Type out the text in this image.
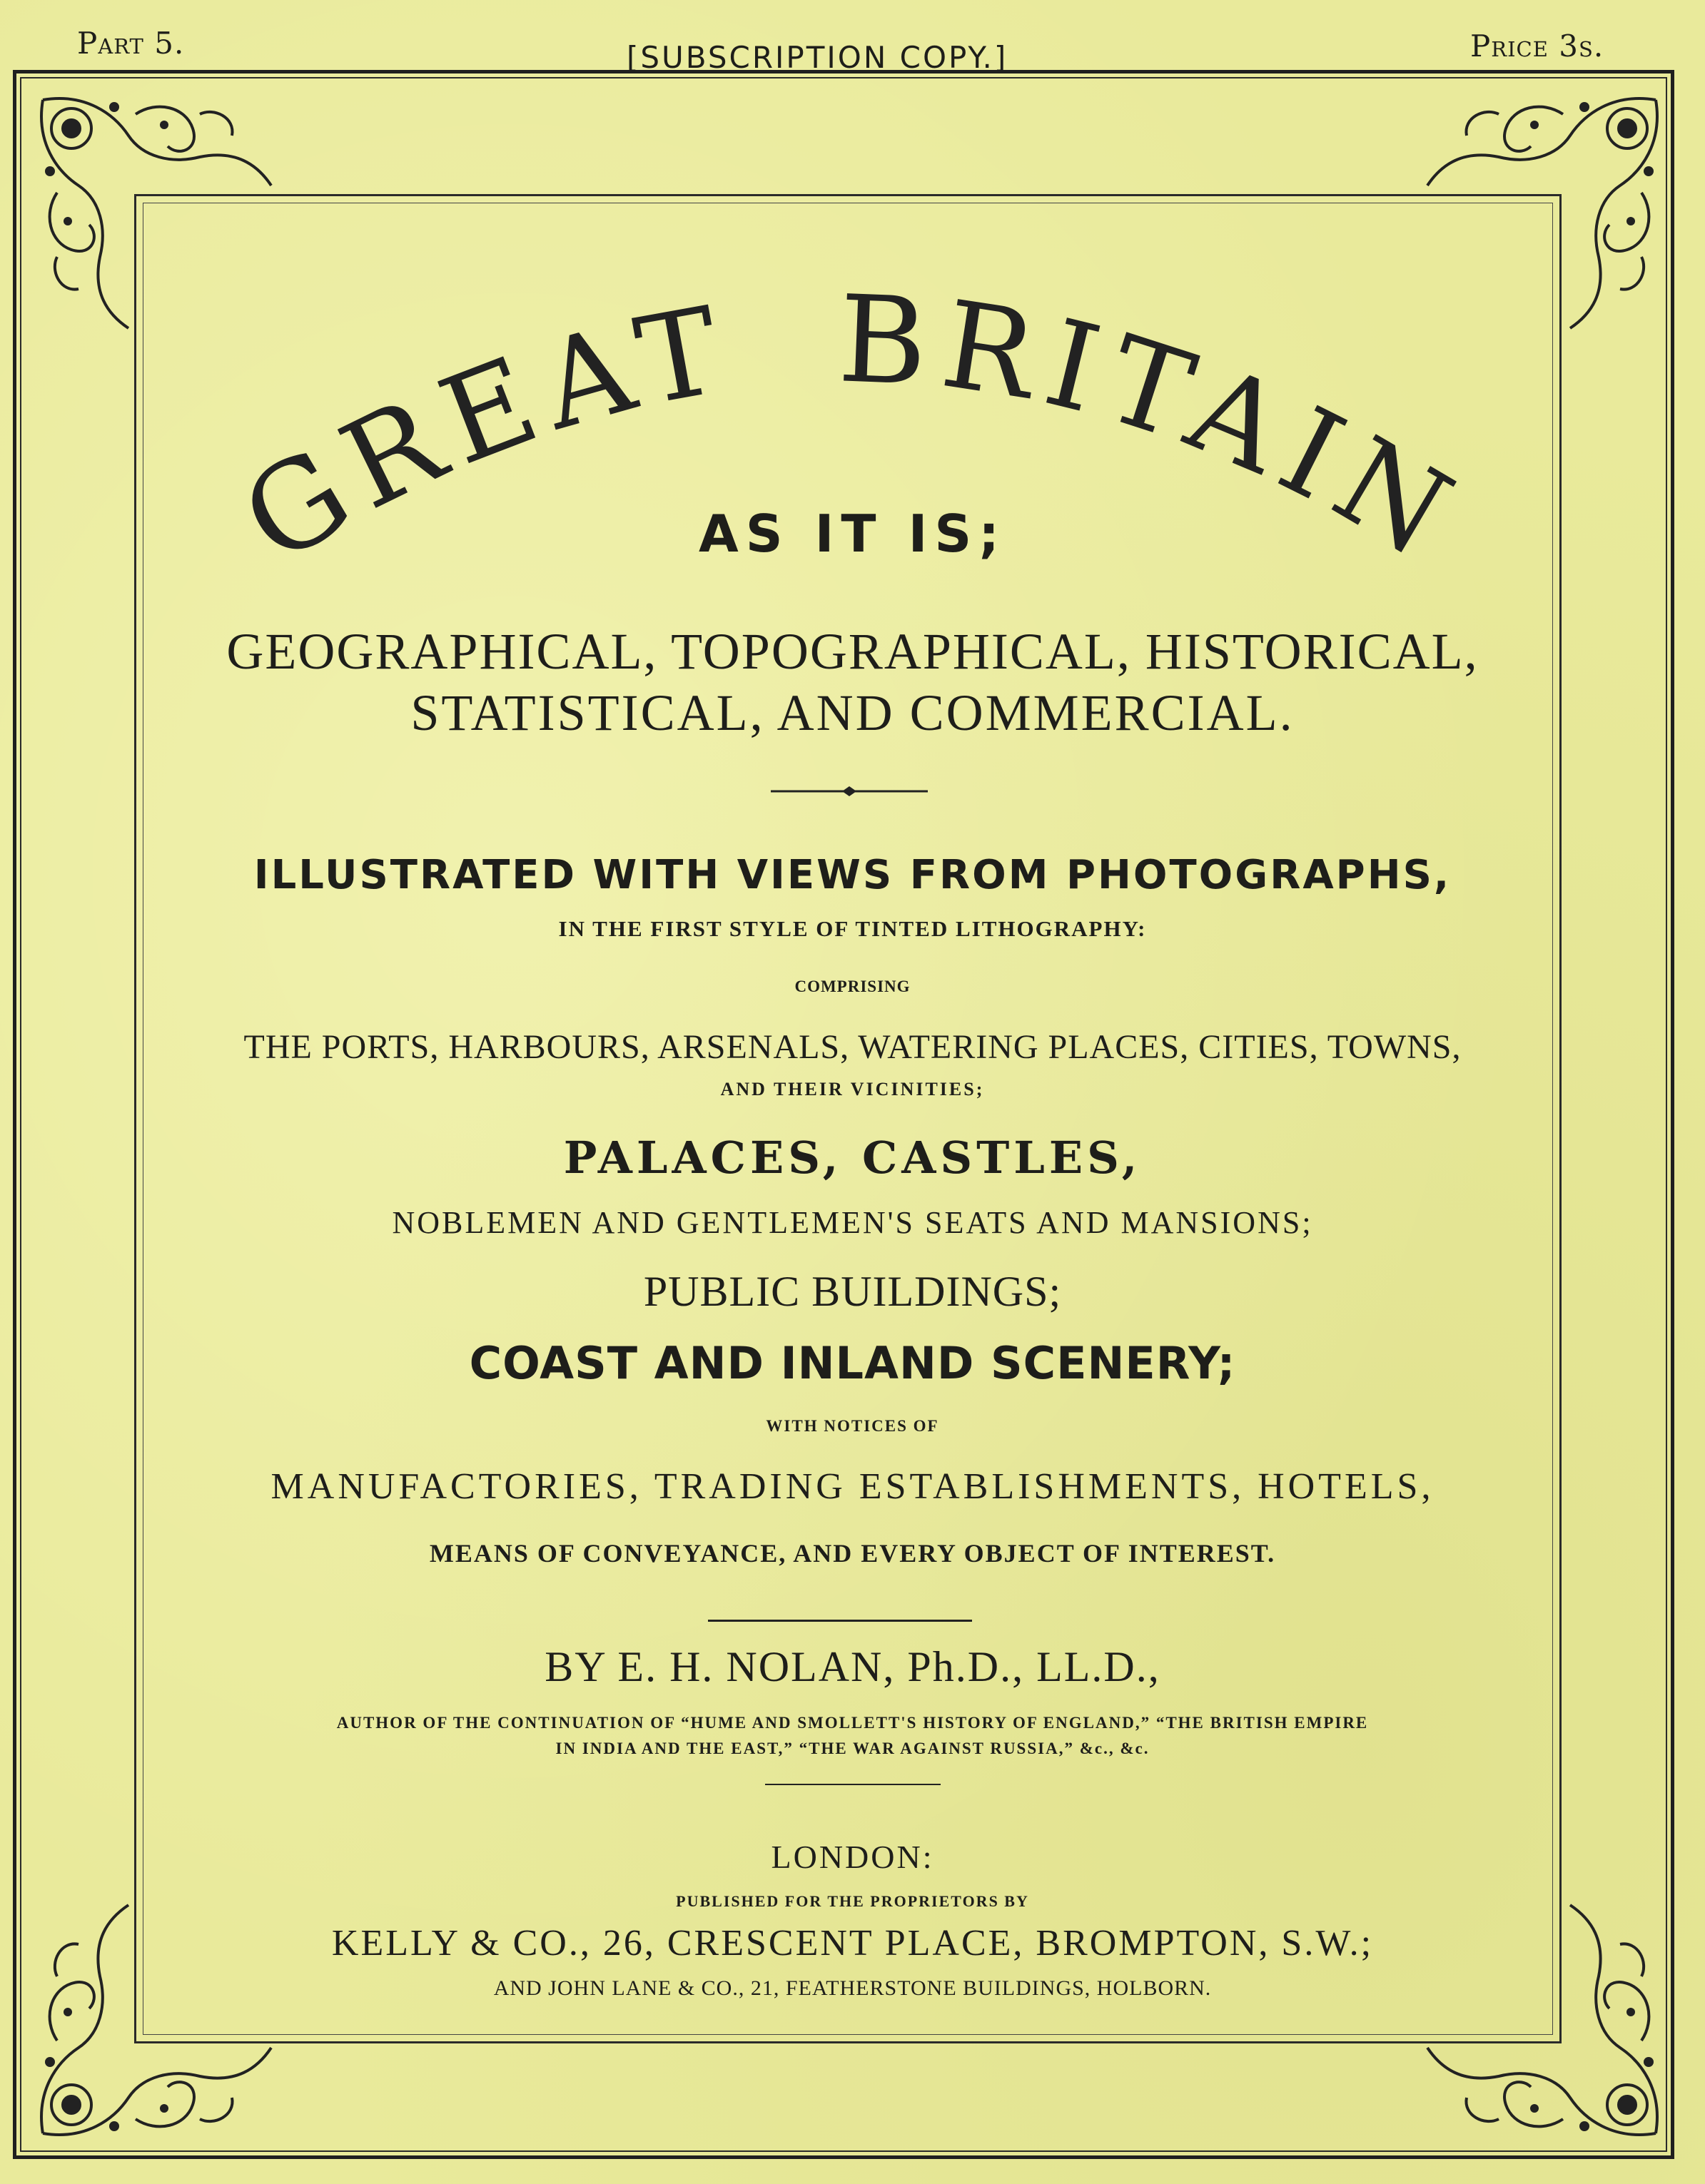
Part 5.	[SUBSCRIPTION COPY.]	Price 3s.
GREAT BRITAIN
AS IT IS;
GEOGRAPHICAL, TOPOGRAPHICAL, HISTORICAL,
STATISTICAL, AND COMMERCIAL.
ILLUSTRATED WITH VIEWS FROM PHOTOGRAPHS,
IN THE FIRST STYLE OF TINTED LITHOGRAPHY:
COMPRISING
THE PORTS, HARBOURS, ARSENALS, WATERING PLACES, CITIES, TOWNS,
AND THEIR VICINITIES;
PALACES, CASTLES,
NOBLEMEN AND GENTLEMEN'S SEATS AND MANSIONS;
PUBLIC BUILDINGS;
COAST AND INLAND SCENERY;
WITH NOTICES OF
MANUFACTORIES, TRADING ESTABLISHMENTS, HOTELS,
MEANS OF CONVEYANCE, AND EVERY OBJECT OF INTEREST.
BY E. H. NOLAN, Ph.D., LL.D.,
AUTHOR OF THE CONTINUATION OF “HUME AND SMOLLETT'S HISTORY OF ENGLAND,” “THE BRITISH EMPIRE
IN INDIA AND THE EAST,” “THE WAR AGAINST RUSSIA,” &c., &c.
LONDON:
PUBLISHED FOR THE PROPRIETORS BY
KELLY & CO., 26, CRESCENT PLACE, BROMPTON, S.W.;
AND JOHN LANE & CO., 21, FEATHERSTONE BUILDINGS, HOLBORN.
